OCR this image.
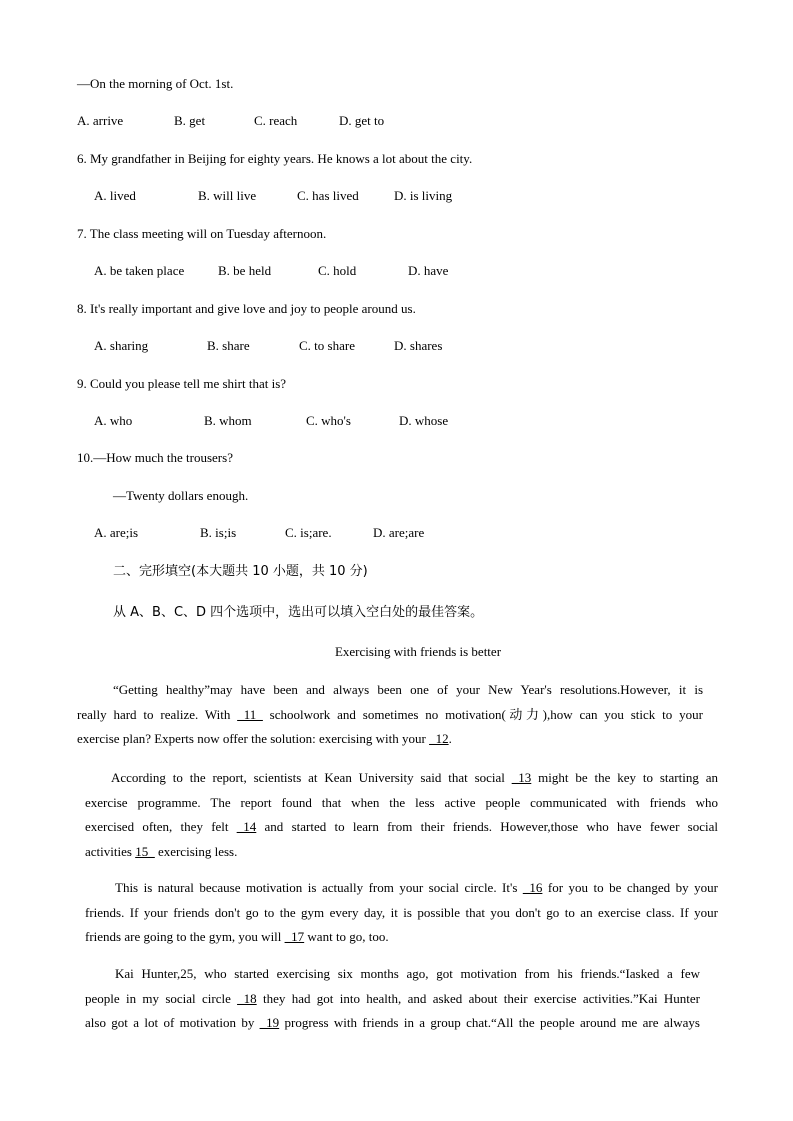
—On the morning of Oct. 1st.
A. arrive	B. get	C. reach	D. get to
6. My grandfather in Beijing for eighty years. He knows a lot about the city.
A. lived	B. will live	C. has lived	D. is living
7. The class meeting will on Tuesday afternoon.
A. be taken place	B. be held	C. hold	D. have
8. It's really important and give love and joy to people around us.
A. sharing	B. share	C. to share	D. shares
9. Could you please tell me shirt that is?
A. who	B. whom	C. who's	D. whose
10.—How much the trousers?
—Twenty dollars enough.
A. are;is	B. is;is	C. is;are.	D. are;are
二、完形填空(本大题共 10 小题，共 10 分)
从 A、B、C、D 四个选项中，选出可以填入空白处的最佳答案。
Exercising with friends is better
“Getting healthy”may have been and always been one of your New Year's resolutions.However, it is
really hard to realize. With _11_ schoolwork and sometimes no motivation(动力),how can you stick to your
exercise plan? Experts now offer the solution: exercising with your _12.
According to the report, scientists at Kean University said that social _13 might be the key to starting an
exercise programme. The report found that when the less active people communicated with friends who
exercised often, they felt _14 and started to learn from their friends. However,those who have fewer social
activities 15_ exercising less.
This is natural because motivation is actually from your social circle. It's _16 for you to be changed by your
friends. If your friends don't go to the gym every day, it is possible that you don't go to an exercise class. If your
friends are going to the gym, you will _17 want to go, too.
Kai Hunter,25, who started exercising six months ago, got motivation from his friends.“Iasked a few
people in my social circle _18 they had got into health, and asked about their exercise activities.”Kai Hunter
also got a lot of motivation by _19 progress with friends in a group chat.“All the people around me are always
